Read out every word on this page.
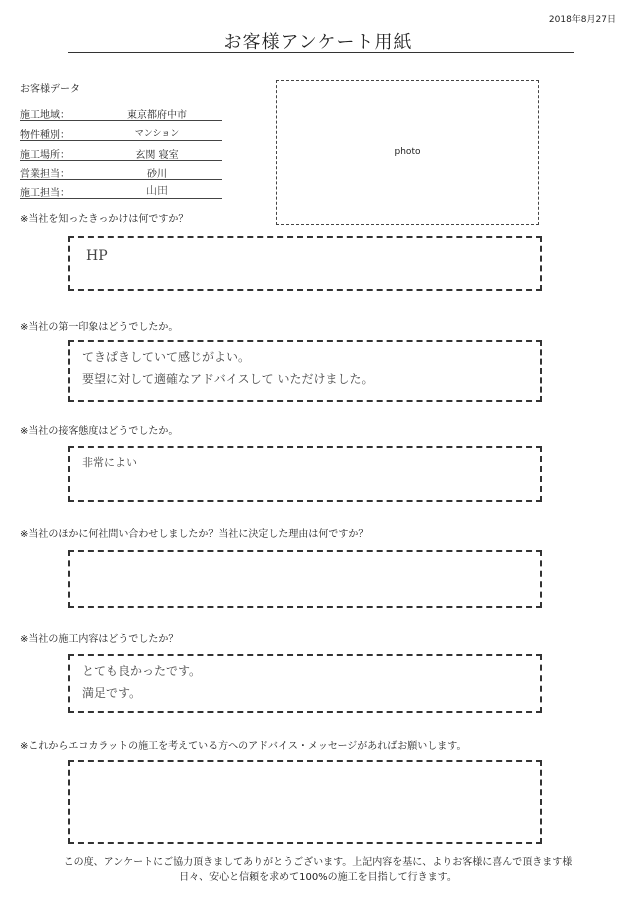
2018年8月27日
お客様アンケート用紙
お客様データ
施工地域：	東京都府中市
物件種別：	マンション
施工場所：	玄関 寝室
営業担当：	砂川
施工担当：	山田
photo
※当社を知ったきっかけは何ですか？
HP
※当社の第一印象はどうでしたか。
てきぱきしていて感じがよい。
要望に対して適確なアドバイスして いただけました。
※当社の接客態度はどうでしたか。
非常によい
※当社のほかに何社問い合わせしましたか？当社に決定した理由は何ですか？
※当社の施工内容はどうでしたか？
とても良かったです。
満足です。
※これからエコカラットの施工を考えている方へのアドバイス・メッセージがあればお願いします。
この度、アンケートにご協力頂きましてありがとうございます。上記内容を基に、よりお客様に喜んで頂きます様
日々、安心と信頼を求めて100%の施工を目指して行きます。
